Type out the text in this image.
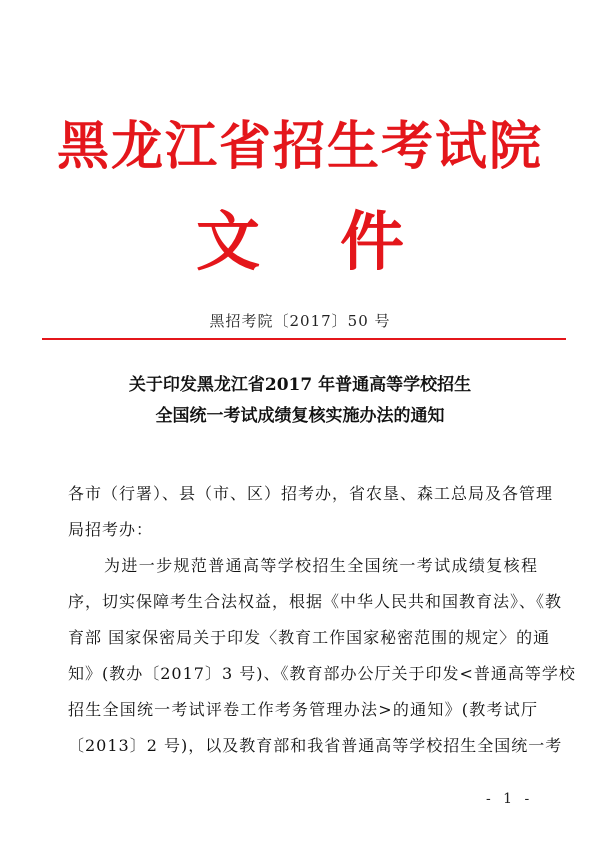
黑龙江省招生考试院
文件
黑招考院〔2017〕50 号
关于印发黑龙江省2017 年普通高等学校招生
全国统一考试成绩复核实施办法的通知
各市（行署）、县（市、区）招考办，省农垦、森工总局及各管理
局招考办：
为进一步规范普通高等学校招生全国统一考试成绩复核程
序，切实保障考生合法权益，根据《中华人民共和国教育法》、《教
育部 国家保密局关于印发〈教育工作国家秘密范围的规定〉的通
知》(教办〔2017〕3 号)、《教育部办公厅关于印发<普通高等学校
招生全国统一考试评卷工作考务管理办法>的通知》(教考试厅
〔2013〕2 号)，以及教育部和我省普通高等学校招生全国统一考
- 1 -
